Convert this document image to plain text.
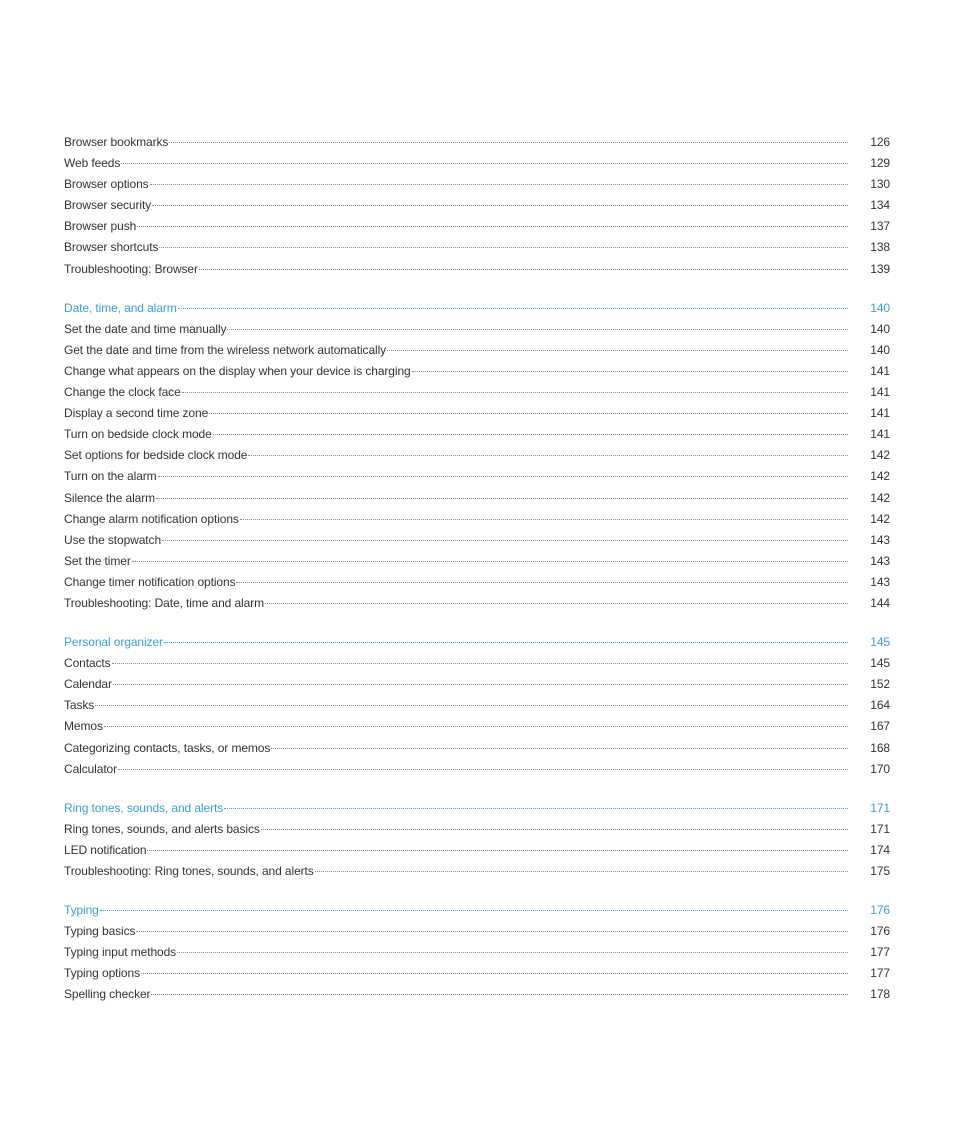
Browser bookmarks	126
Web feeds	129
Browser options	130
Browser security	134
Browser push	137
Browser shortcuts	138
Troubleshooting: Browser	139
Date, time, and alarm	140
Set the date and time manually	140
Get the date and time from the wireless network automatically	140
Change what appears on the display when your device is charging	141
Change the clock face	141
Display a second time zone	141
Turn on bedside clock mode	141
Set options for bedside clock mode	142
Turn on the alarm	142
Silence the alarm	142
Change alarm notification options	142
Use the stopwatch	143
Set the timer	143
Change timer notification options	143
Troubleshooting: Date, time and alarm	144
Personal organizer	145
Contacts	145
Calendar	152
Tasks	164
Memos	167
Categorizing contacts, tasks, or memos	168
Calculator	170
Ring tones, sounds, and alerts	171
Ring tones, sounds, and alerts basics	171
LED notification	174
Troubleshooting: Ring tones, sounds, and alerts	175
Typing	176
Typing basics	176
Typing input methods	177
Typing options	177
Spelling checker	178
